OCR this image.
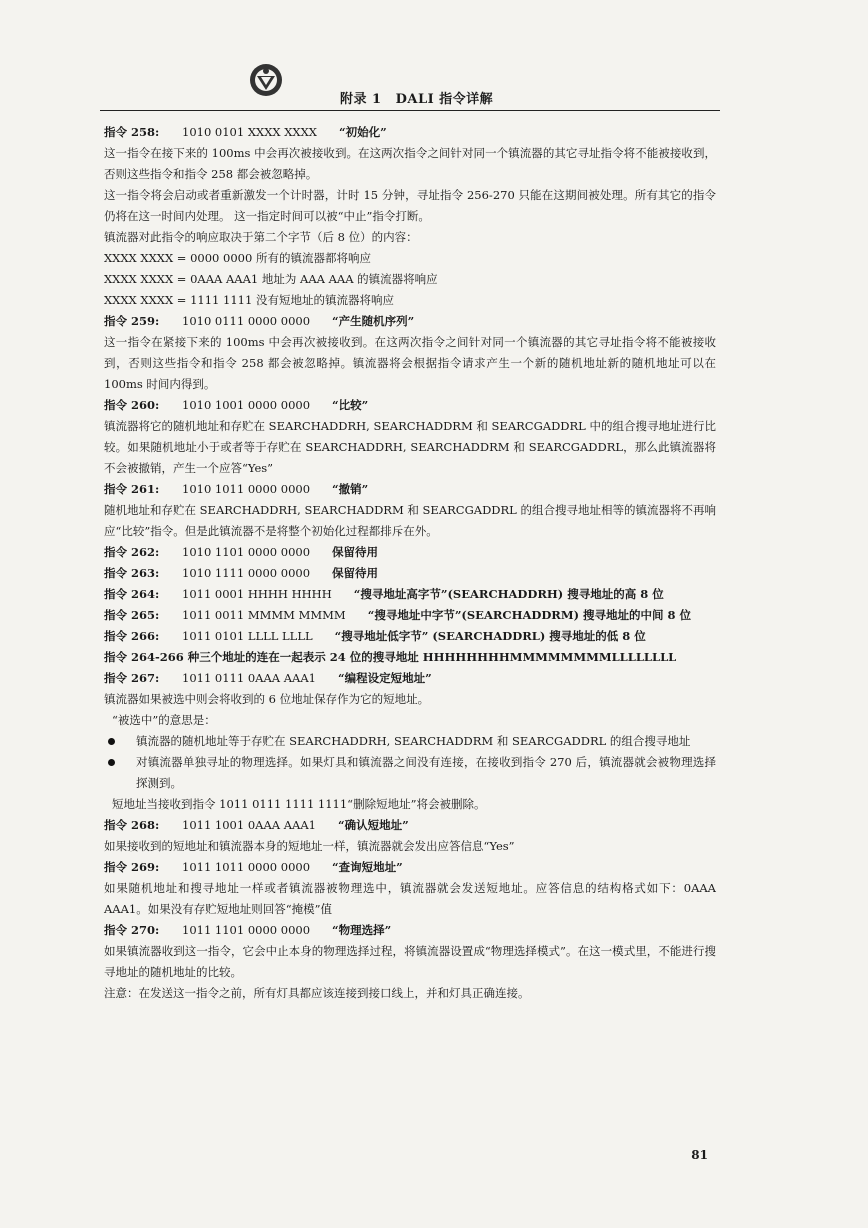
附录 1 DALI 指令详解
指令 258: 1010 0101 XXXX XXXX “初始化”
这一指令在接下来的 100ms 中会再次被接收到。在这两次指令之间针对同一个镇流器的其它寻址指令将不能被接收到，否则这些指令和指令 258 都会被忽略掉。
这一指令将会启动或者重新激发一个计时器，计时 15 分钟，寻址指令 256-270 只能在这期间被处理。所有其它的指令仍将在这一时间内处理。 这一指定时间可以被“中止”指令打断。
镇流器对此指令的响应取决于第二个字节（后 8 位）的内容：
XXXX XXXX = 0000 0000 所有的镇流器都将响应
XXXX XXXX = 0AAA AAA1 地址为 AAA AAA 的镇流器将响应
XXXX XXXX = 1111 1111 没有短地址的镇流器将响应
指令 259: 1010 0111 0000 0000 “产生随机序列”
这一指令在紧接下来的 100ms 中会再次被接收到。在这两次指令之间针对同一个镇流器的其它寻址指令将不能被接收到，否则这些指令和指令 258 都会被忽略掉。镇流器将会根据指令请求产生一个新的随机地址新的随机地址可以在 100ms 时间内得到。
指令 260: 1010 1001 0000 0000 “比较”
镇流器将它的随机地址和存贮在 SEARCHADDRH, SEARCHADDRM 和 SEARCGADDRL 中的组合搜寻地址进行比较。如果随机地址小于或者等于存贮在 SEARCHADDRH, SEARCHADDRM 和 SEARCGADDRL，那么此镇流器将不会被撤销，产生一个应答“Yes”
指令 261: 1010 1011 0000 0000 “撤销”
随机地址和存贮在 SEARCHADDRH, SEARCHADDRM 和 SEARCGADDRL 的组合搜寻地址相等的镇流器将不再响应“比较”指令。但是此镇流器不是将整个初始化过程都排斥在外。
指令 262: 1010 1101 0000 0000 保留待用
指令 263: 1010 1111 0000 0000 保留待用
指令 264: 1011 0001 HHHH HHHH “搜寻地址高字节”(SEARCHADDRH) 搜寻地址的高 8 位
指令 265: 1011 0011 MMMM MMMM “搜寻地址中字节”(SEARCHADDRM) 搜寻地址的中间 8 位
指令 266: 1011 0101 LLLL LLLL “搜寻地址低字节” (SEARCHADDRL) 搜寻地址的低 8 位
指令 264-266 种三个地址的连在一起表示 24 位的搜寻地址 HHHHHHHHMMMMMMMMLLLLLLLL
指令 267: 1011 0111 0AAA AAA1 “编程设定短地址”
镇流器如果被选中则会将收到的 6 位地址保存作为它的短地址。
“被选中”的意思是：
镇流器的随机地址等于存贮在 SEARCHADDRH, SEARCHADDRM 和 SEARCGADDRL 的组合搜寻地址
对镇流器单独寻址的物理选择。如果灯具和镇流器之间没有连接，在接收到指令 270 后，镇流器就会被物理选择探测到。
短地址当接收到指令 1011 0111 1111 1111“删除短地址”将会被删除。
指令 268: 1011 1001 0AAA AAA1 “确认短地址”
如果接收到的短地址和镇流器本身的短地址一样，镇流器就会发出应答信息“Yes”
指令 269: 1011 1011 0000 0000 “查询短地址”
如果随机地址和搜寻地址一样或者镇流器被物理选中，镇流器就会发送短地址。应答信息的结构格式如下：0AAA AAA1。如果没有存贮短地址则回答“掩模”值
指令 270: 1011 1101 0000 0000 “物理选择”
如果镇流器收到这一指令，它会中止本身的物理选择过程，将镇流器设置成“物理选择模式”。在这一模式里，不能进行搜寻地址的随机地址的比较。
注意：在发送这一指令之前，所有灯具都应该连接到接口线上，并和灯具正确连接。
81
